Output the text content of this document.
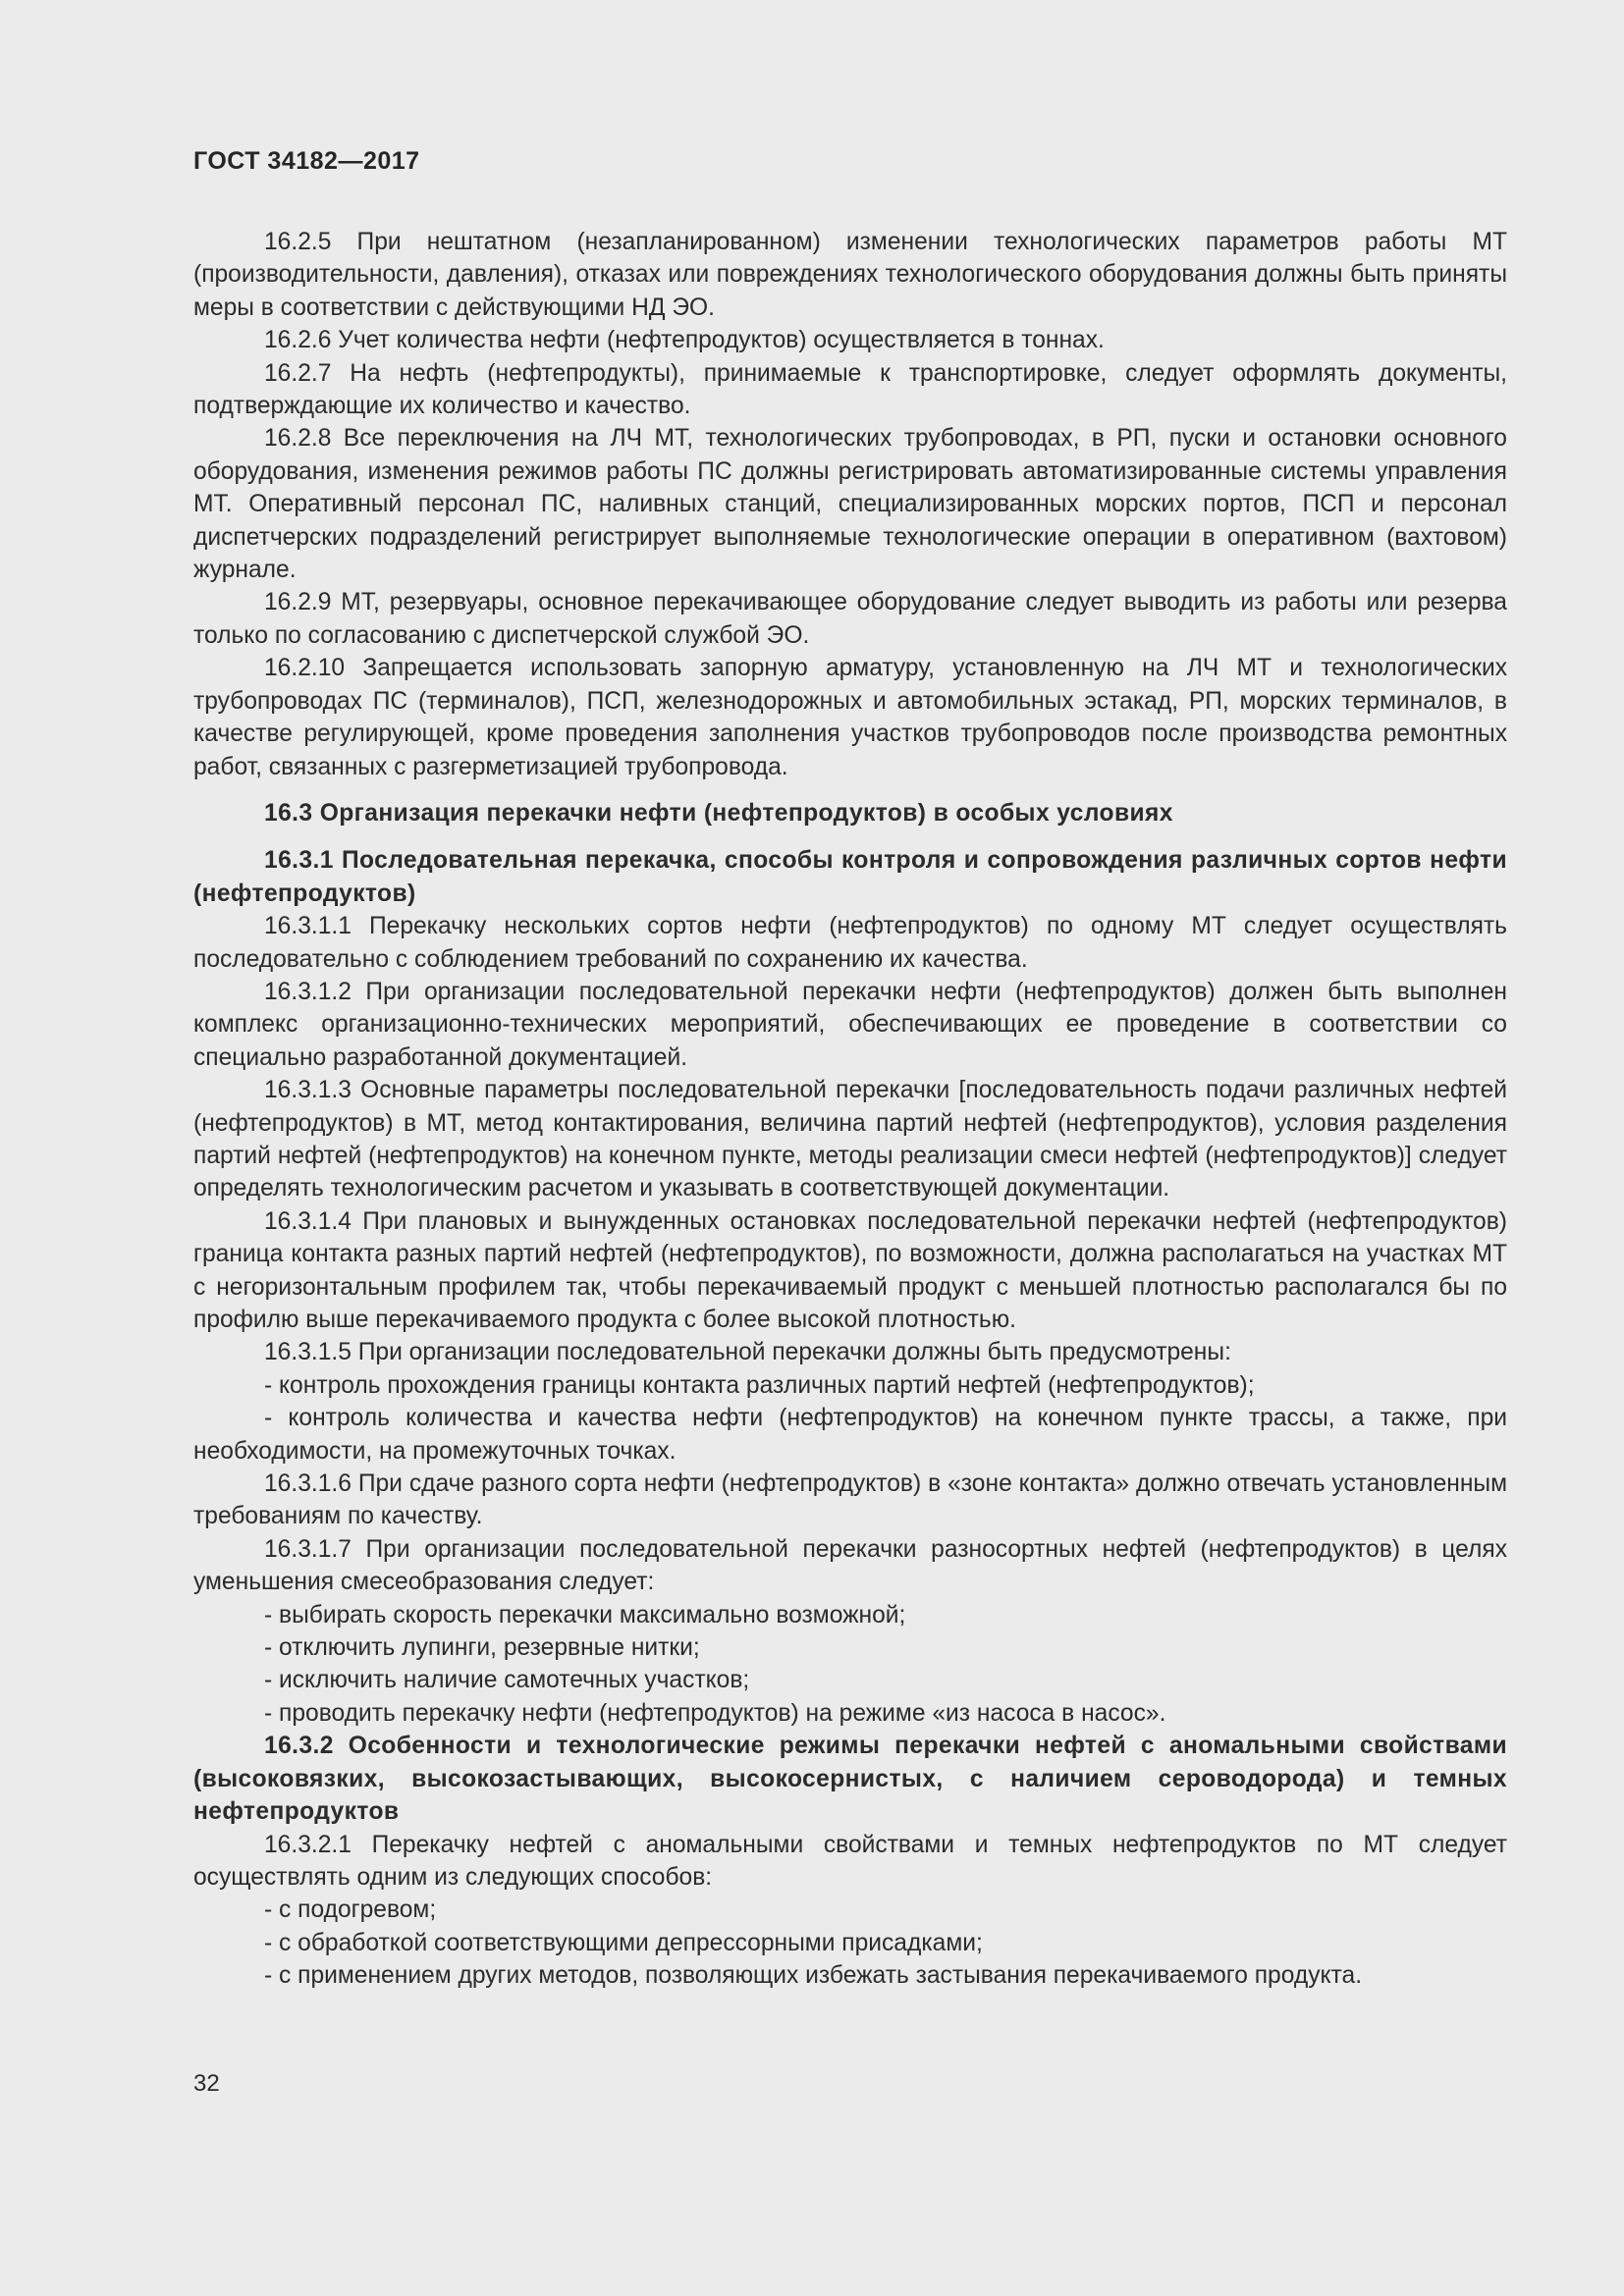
ГОСТ 34182—2017

16.2.5 При нештатном (незапланированном) изменении технологических параметров работы МТ (производительности, давления), отказах или повреждениях технологического оборудования должны быть приняты меры в соответствии с действующими НД ЭО.

16.2.6 Учет количества нефти (нефтепродуктов) осуществляется в тоннах.

16.2.7 На нефть (нефтепродукты), принимаемые к транспортировке, следует оформлять документы, подтверждающие их количество и качество.

16.2.8 Все переключения на ЛЧ МТ, технологических трубопроводах, в РП, пуски и остановки основного оборудования, изменения режимов работы ПС должны регистрировать автоматизированные системы управления МТ. Оперативный персонал ПС, наливных станций, специализированных морских портов, ПСП и персонал диспетчерских подразделений регистрирует выполняемые технологические операции в оперативном (вахтовом) журнале.

16.2.9 МТ, резервуары, основное перекачивающее оборудование следует выводить из работы или резерва только по согласованию с диспетчерской службой ЭО.

16.2.10 Запрещается использовать запорную арматуру, установленную на ЛЧ МТ и технологических трубопроводах ПС (терминалов), ПСП, железнодорожных и автомобильных эстакад, РП, морских терминалов, в качестве регулирующей, кроме проведения заполнения участков трубопроводов после производства ремонтных работ, связанных с разгерметизацией трубопровода.

16.3 Организация перекачки нефти (нефтепродуктов) в особых условиях

16.3.1 Последовательная перекачка, способы контроля и сопровождения различных сортов нефти (нефтепродуктов)

16.3.1.1 Перекачку нескольких сортов нефти (нефтепродуктов) по одному МТ следует осуществлять последовательно с соблюдением требований по сохранению их качества.

16.3.1.2 При организации последовательной перекачки нефти (нефтепродуктов) должен быть выполнен комплекс организационно-технических мероприятий, обеспечивающих ее проведение в соответствии со специально разработанной документацией.

16.3.1.3 Основные параметры последовательной перекачки [последовательность подачи различных нефтей (нефтепродуктов) в МТ, метод контактирования, величина партий нефтей (нефтепродуктов), условия разделения партий нефтей (нефтепродуктов) на конечном пункте, методы реализации смеси нефтей (нефтепродуктов)] следует определять технологическим расчетом и указывать в соответствующей документации.

16.3.1.4 При плановых и вынужденных остановках последовательной перекачки нефтей (нефтепродуктов) граница контакта разных партий нефтей (нефтепродуктов), по возможности, должна располагаться на участках МТ с негоризонтальным профилем так, чтобы перекачиваемый продукт с меньшей плотностью располагался бы по профилю выше перекачиваемого продукта с более высокой плотностью.

16.3.1.5 При организации последовательной перекачки должны быть предусмотрены:

- контроль прохождения границы контакта различных партий нефтей (нефтепродуктов);

- контроль количества и качества нефти (нефтепродуктов) на конечном пункте трассы, а также, при необходимости, на промежуточных точках.

16.3.1.6 При сдаче разного сорта нефти (нефтепродуктов) в «зоне контакта» должно отвечать установленным требованиям по качеству.

16.3.1.7 При организации последовательной перекачки разносортных нефтей (нефтепродуктов) в целях уменьшения смесеобразования следует:

- выбирать скорость перекачки максимально возможной;

- отключить лупинги, резервные нитки;

- исключить наличие самотечных участков;

- проводить перекачку нефти (нефтепродуктов) на режиме «из насоса в насос».

16.3.2 Особенности и технологические режимы перекачки нефтей с аномальными свойствами (высоковязких, высокозастывающих, высокосернистых, с наличием сероводорода) и темных нефтепродуктов

16.3.2.1 Перекачку нефтей с аномальными свойствами и темных нефтепродуктов по МТ следует осуществлять одним из следующих способов:

- с подогревом;

- с обработкой соответствующими депрессорными присадками;

- с применением других методов, позволяющих избежать застывания перекачиваемого продукта.

32
